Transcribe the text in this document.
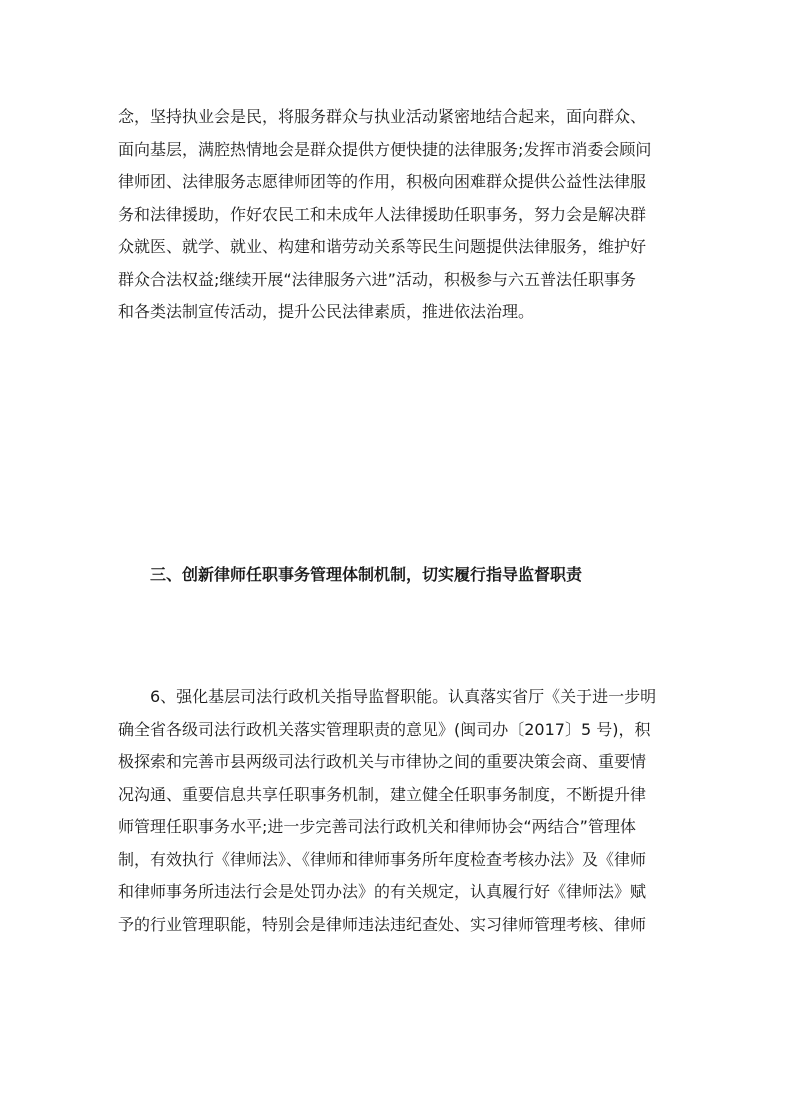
念，坚持执业会是民，将服务群众与执业活动紧密地结合起来，面向群众、
面向基层，满腔热情地会是群众提供方便快捷的法律服务;发挥市消委会顾问
律师团、法律服务志愿律师团等的作用，积极向困难群众提供公益性法律服
务和法律援助，作好农民工和未成年人法律援助任职事务，努力会是解决群
众就医、就学、就业、构建和谐劳动关系等民生问题提供法律服务，维护好
群众合法权益;继续开展“法律服务六进”活动，积极参与六五普法任职事务
和各类法制宣传活动，提升公民法律素质，推进依法治理。
三、创新律师任职事务管理体制机制，切实履行指导监督职责
6、强化基层司法行政机关指导监督职能。认真落实省厅《关于进一步明
确全省各级司法行政机关落实管理职责的意见》(闽司办〔2017〕5 号)，积
极探索和完善市县两级司法行政机关与市律协之间的重要决策会商、重要情
况沟通、重要信息共享任职事务机制，建立健全任职事务制度，不断提升律
师管理任职事务水平;进一步完善司法行政机关和律师协会“两结合”管理体
制，有效执行《律师法》、《律师和律师事务所年度检查考核办法》及《律师
和律师事务所违法行会是处罚办法》的有关规定，认真履行好《律师法》赋
予的行业管理职能，特别会是律师违法违纪查处、实习律师管理考核、律师
